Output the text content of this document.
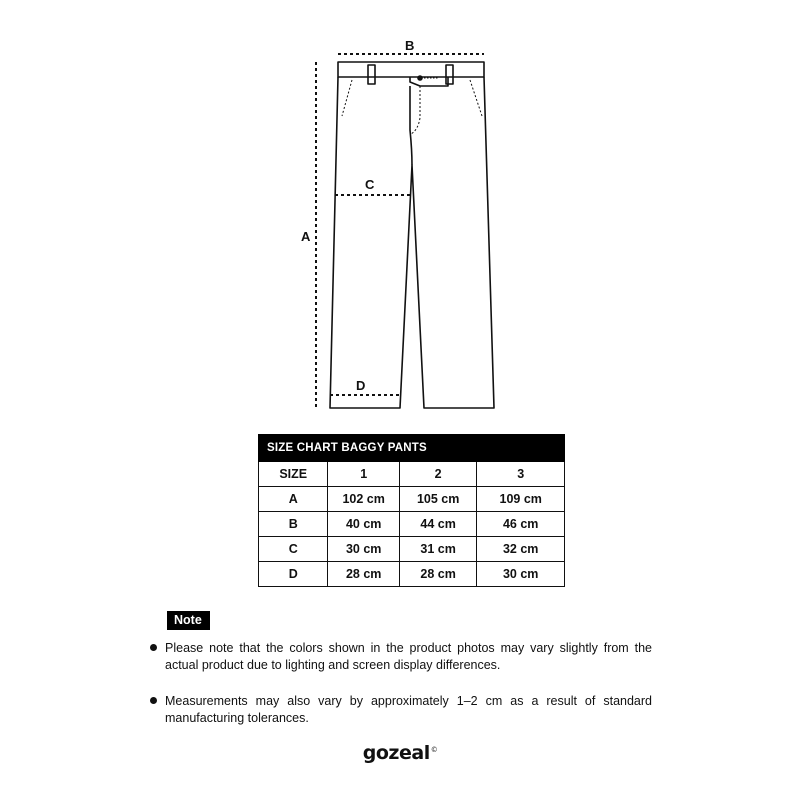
B
A
C
D
SIZE CHART BAGGY PANTS			
SIZE	1	2	3
A	102 cm	105 cm	109 cm
B	40 cm	44 cm	46 cm
C	30 cm	31 cm	32 cm
D	28 cm	28 cm	30 cm
Note
Please note that the colors shown in the product photos may vary slightly from the actual product due to lighting and screen display differences.
Measurements may also vary by approximately 1–2 cm as a result of standard manufacturing tolerances.
gozeal©
